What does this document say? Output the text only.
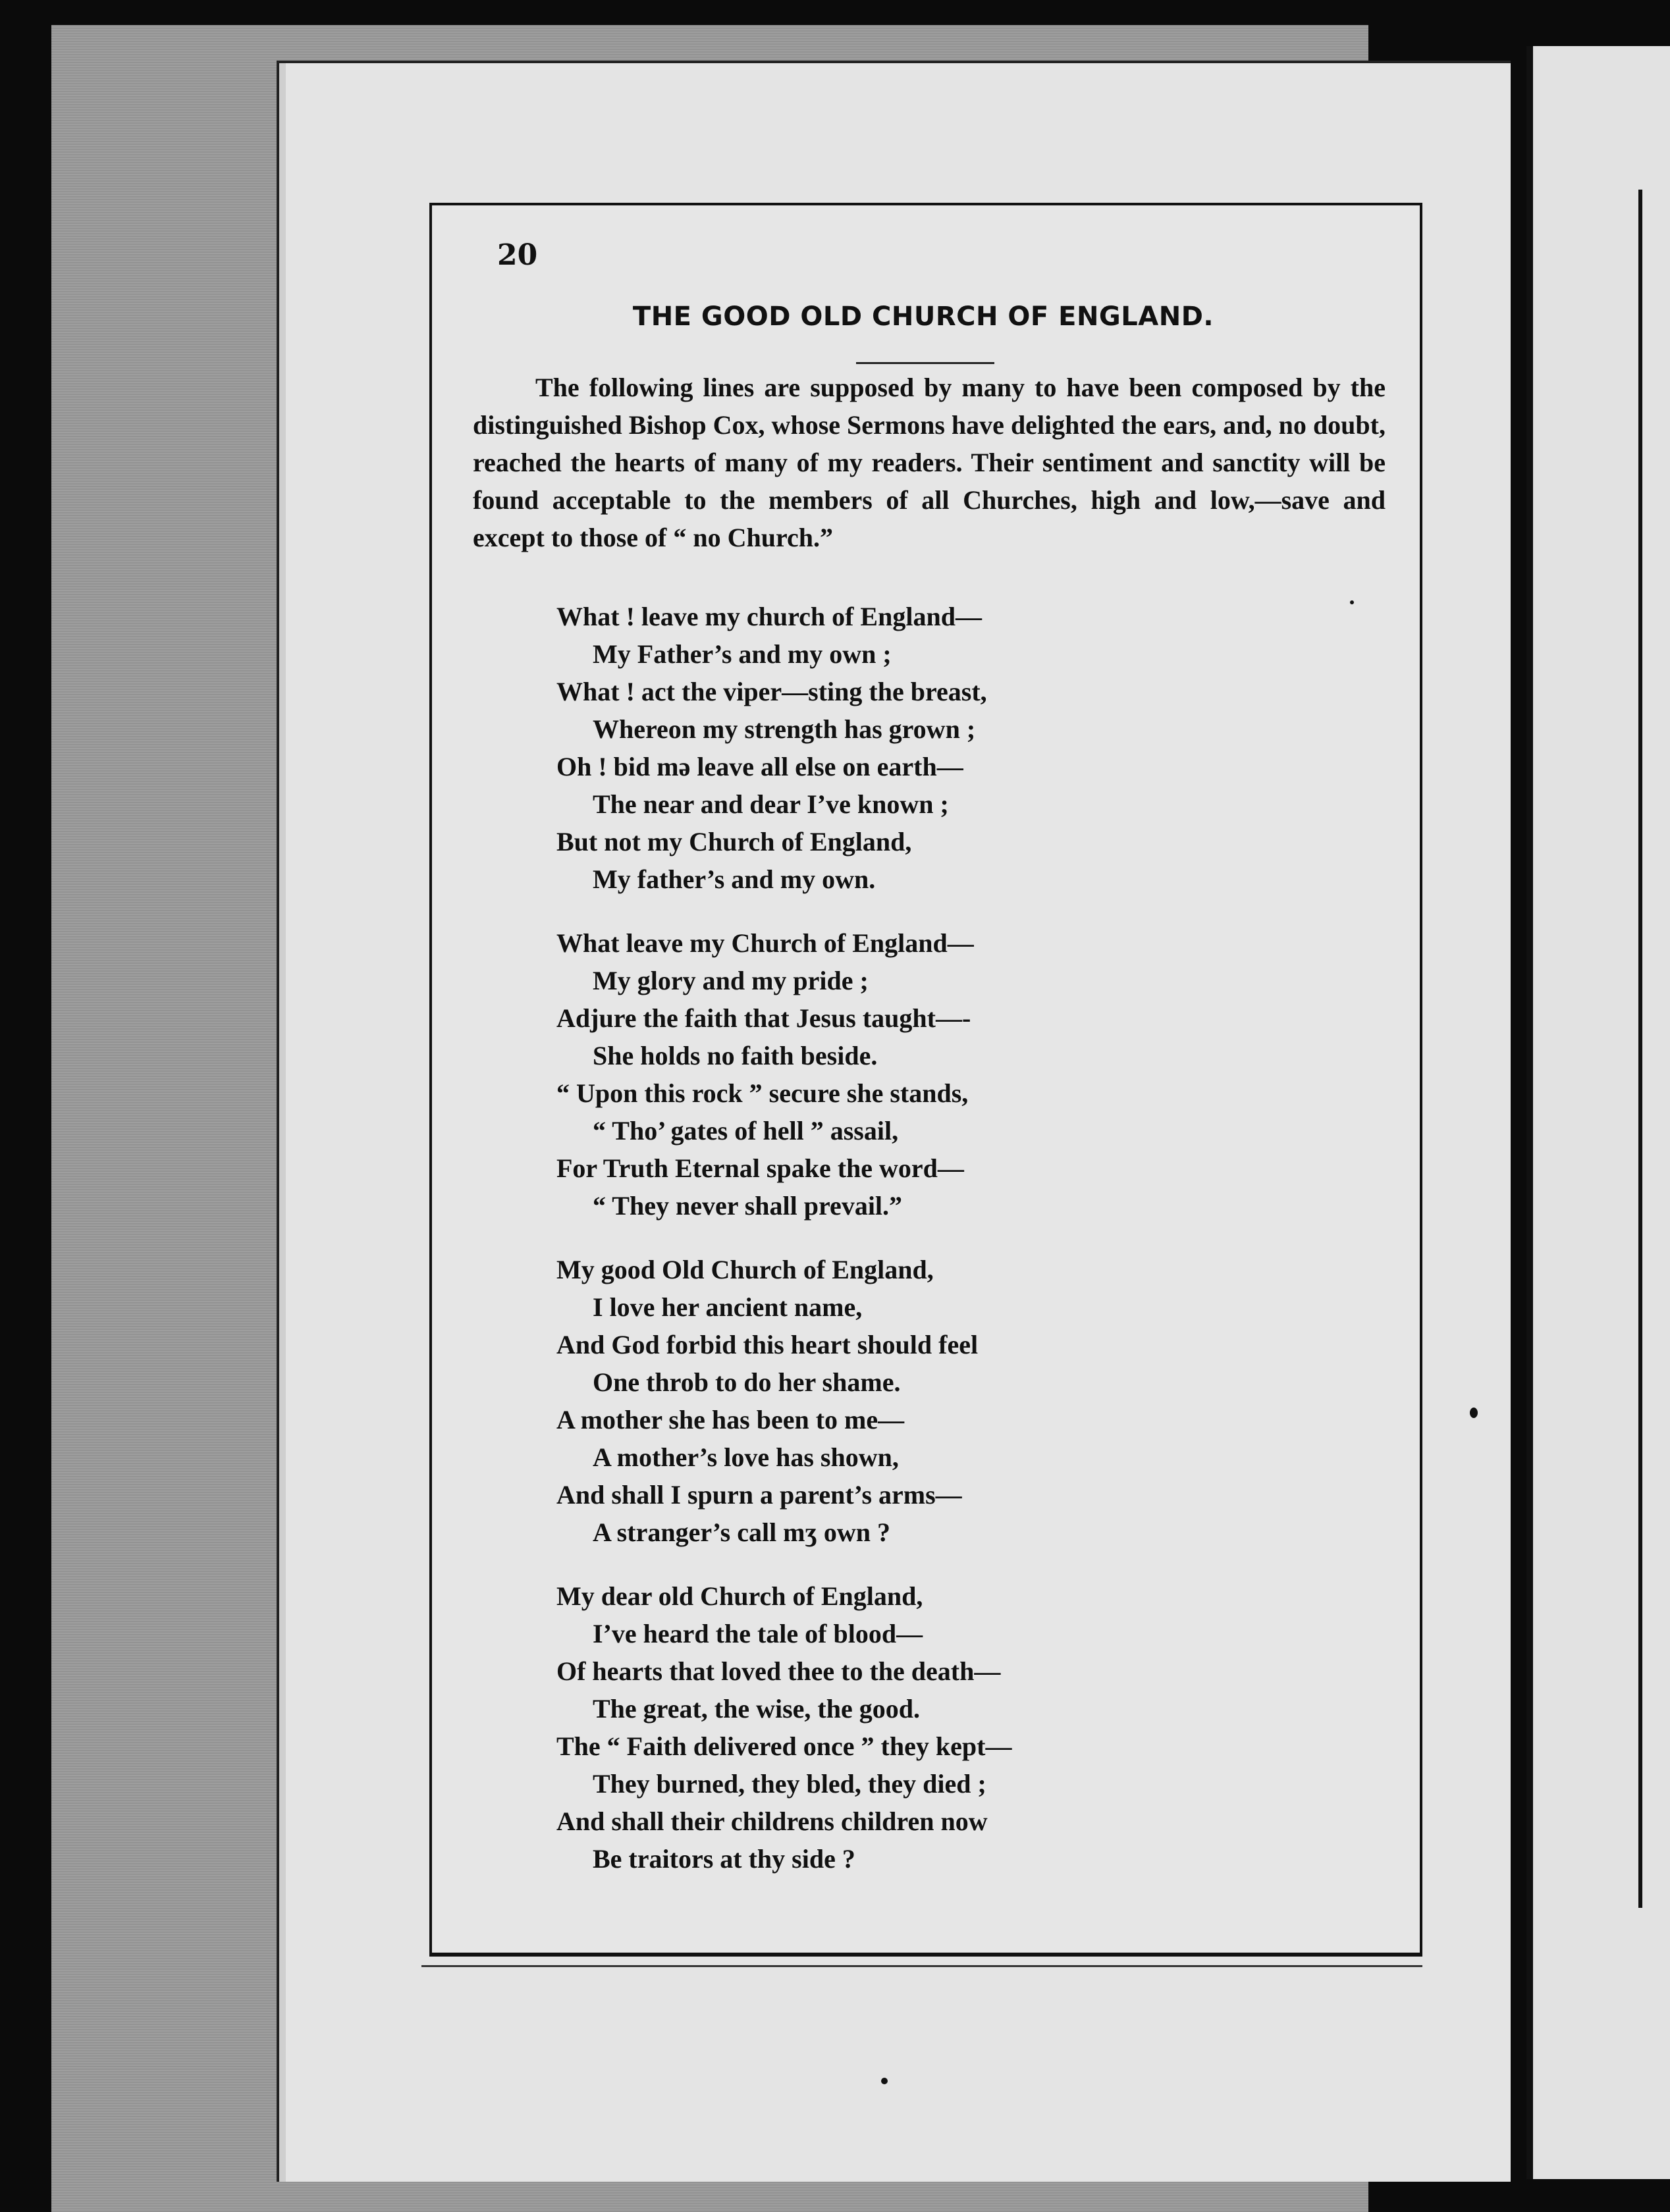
20
THE GOOD OLD CHURCH OF ENGLAND.

The following lines are supposed by many to have been composed by the distinguished Bishop Cox, whose Sermons have delighted the ears, and, no doubt, reached the hearts of many of my readers. Their sentiment and sanctity will be found acceptable to the members of all Churches, high and low,—save and except to those of “ no Church.”

What ! leave my church of England—
My Father’s and my own ;
What ! act the viper—sting the breast,
Whereon my strength has grown ;
Oh ! bid mə leave all else on earth—
The near and dear I’ve known ;
But not my Church of England,
My father’s and my own.
What leave my Church of England—
My glory and my pride ;
Adjure the faith that Jesus taught—-
She holds no faith beside.
“ Upon this rock ” secure she stands,
“ Tho’ gates of hell ” assail,
For Truth Eternal spake the word—
“ They never shall prevail.”
My good Old Church of England,
I love her ancient name,
And God forbid this heart should feel
One throb to do her shame.
A mother she has been to me—
A mother’s love has shown,
And shall I spurn a parent’s arms—
A stranger’s call mʒ own ?
My dear old Church of England,
I’ve heard the tale of blood—
Of hearts that loved thee to the death—
The great, the wise, the good.
The “ Faith delivered once ” they kept—
They burned, they bled, they died ;
And shall their childrens children now
Be traitors at thy side ?
